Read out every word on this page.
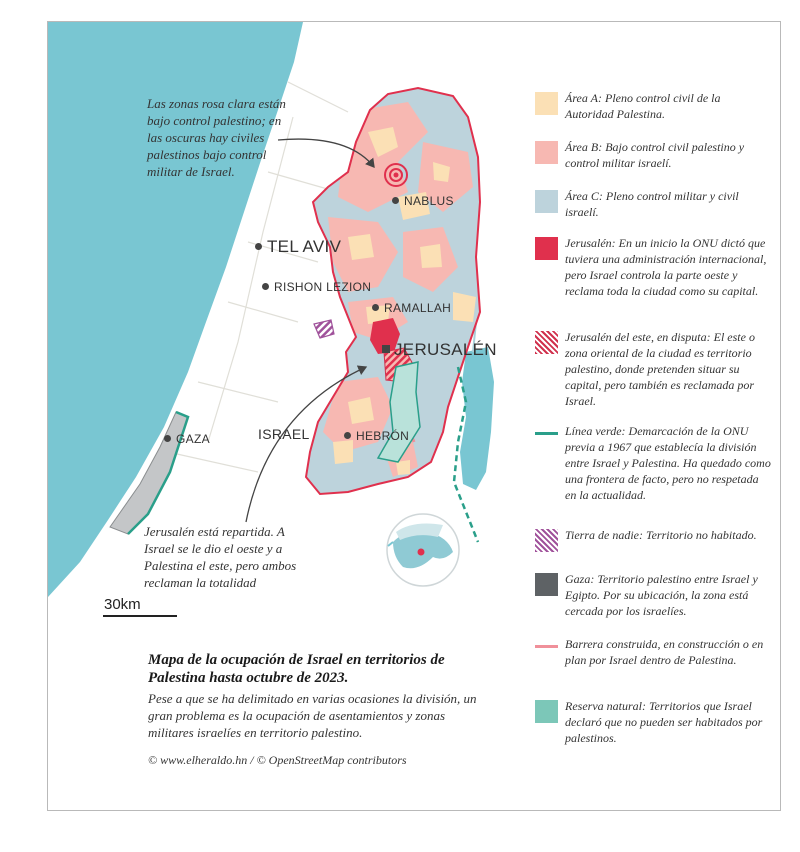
Las zonas rosa clara están bajo control palestino; en las oscuras hay civiles palestinos bajo control militar de Israel.

Jerusalén está repartida. A Israel se le dio el oeste y a Palestina el este, pero ambos reclaman la totalidad

NABLUS
TEL AVIV
RISHON LEZION
RAMALLAH
JERUSALÉN
GAZA	ISRAEL	HEBRÓN
30km

Área A: Pleno control civil de la Autoridad Palestina.

Área B: Bajo control civil palestino y control militar israelí.

Área C: Pleno control militar y civil israelí.

Jerusalén: En un inicio la ONU dictó que tuviera una administración internacional, pero Israel controla la parte oeste y reclama toda la ciudad como su capital.

Jerusalén del este, en disputa: El este o zona oriental de la ciudad es territorio palestino, donde pretenden situar su capital, pero también es reclamada por Israel.

Línea verde: Demarcación de la ONU previa a 1967 que establecía la división entre Israel y Palestina. Ha quedado como una frontera de facto, pero no respetada en la actualidad.

Tierra de nadie: Territorio no habitado.

Gaza: Territorio palestino entre Israel y Egipto. Por su ubicación, la zona está cercada por los israelíes.

Barrera construida, en construcción o en plan por Israel dentro de Palestina.

Reserva natural: Territorios que Israel declaró que no pueden ser habitados por palestinos.

Mapa de la ocupación de Israel en territorios de Palestina hasta octubre de 2023.

Pese a que se ha delimitado en varias ocasiones la división, un gran problema es la ocupación de asentamientos y zonas militares israelíes en territorio palestino.

© www.elheraldo.hn / © OpenStreetMap contributors
